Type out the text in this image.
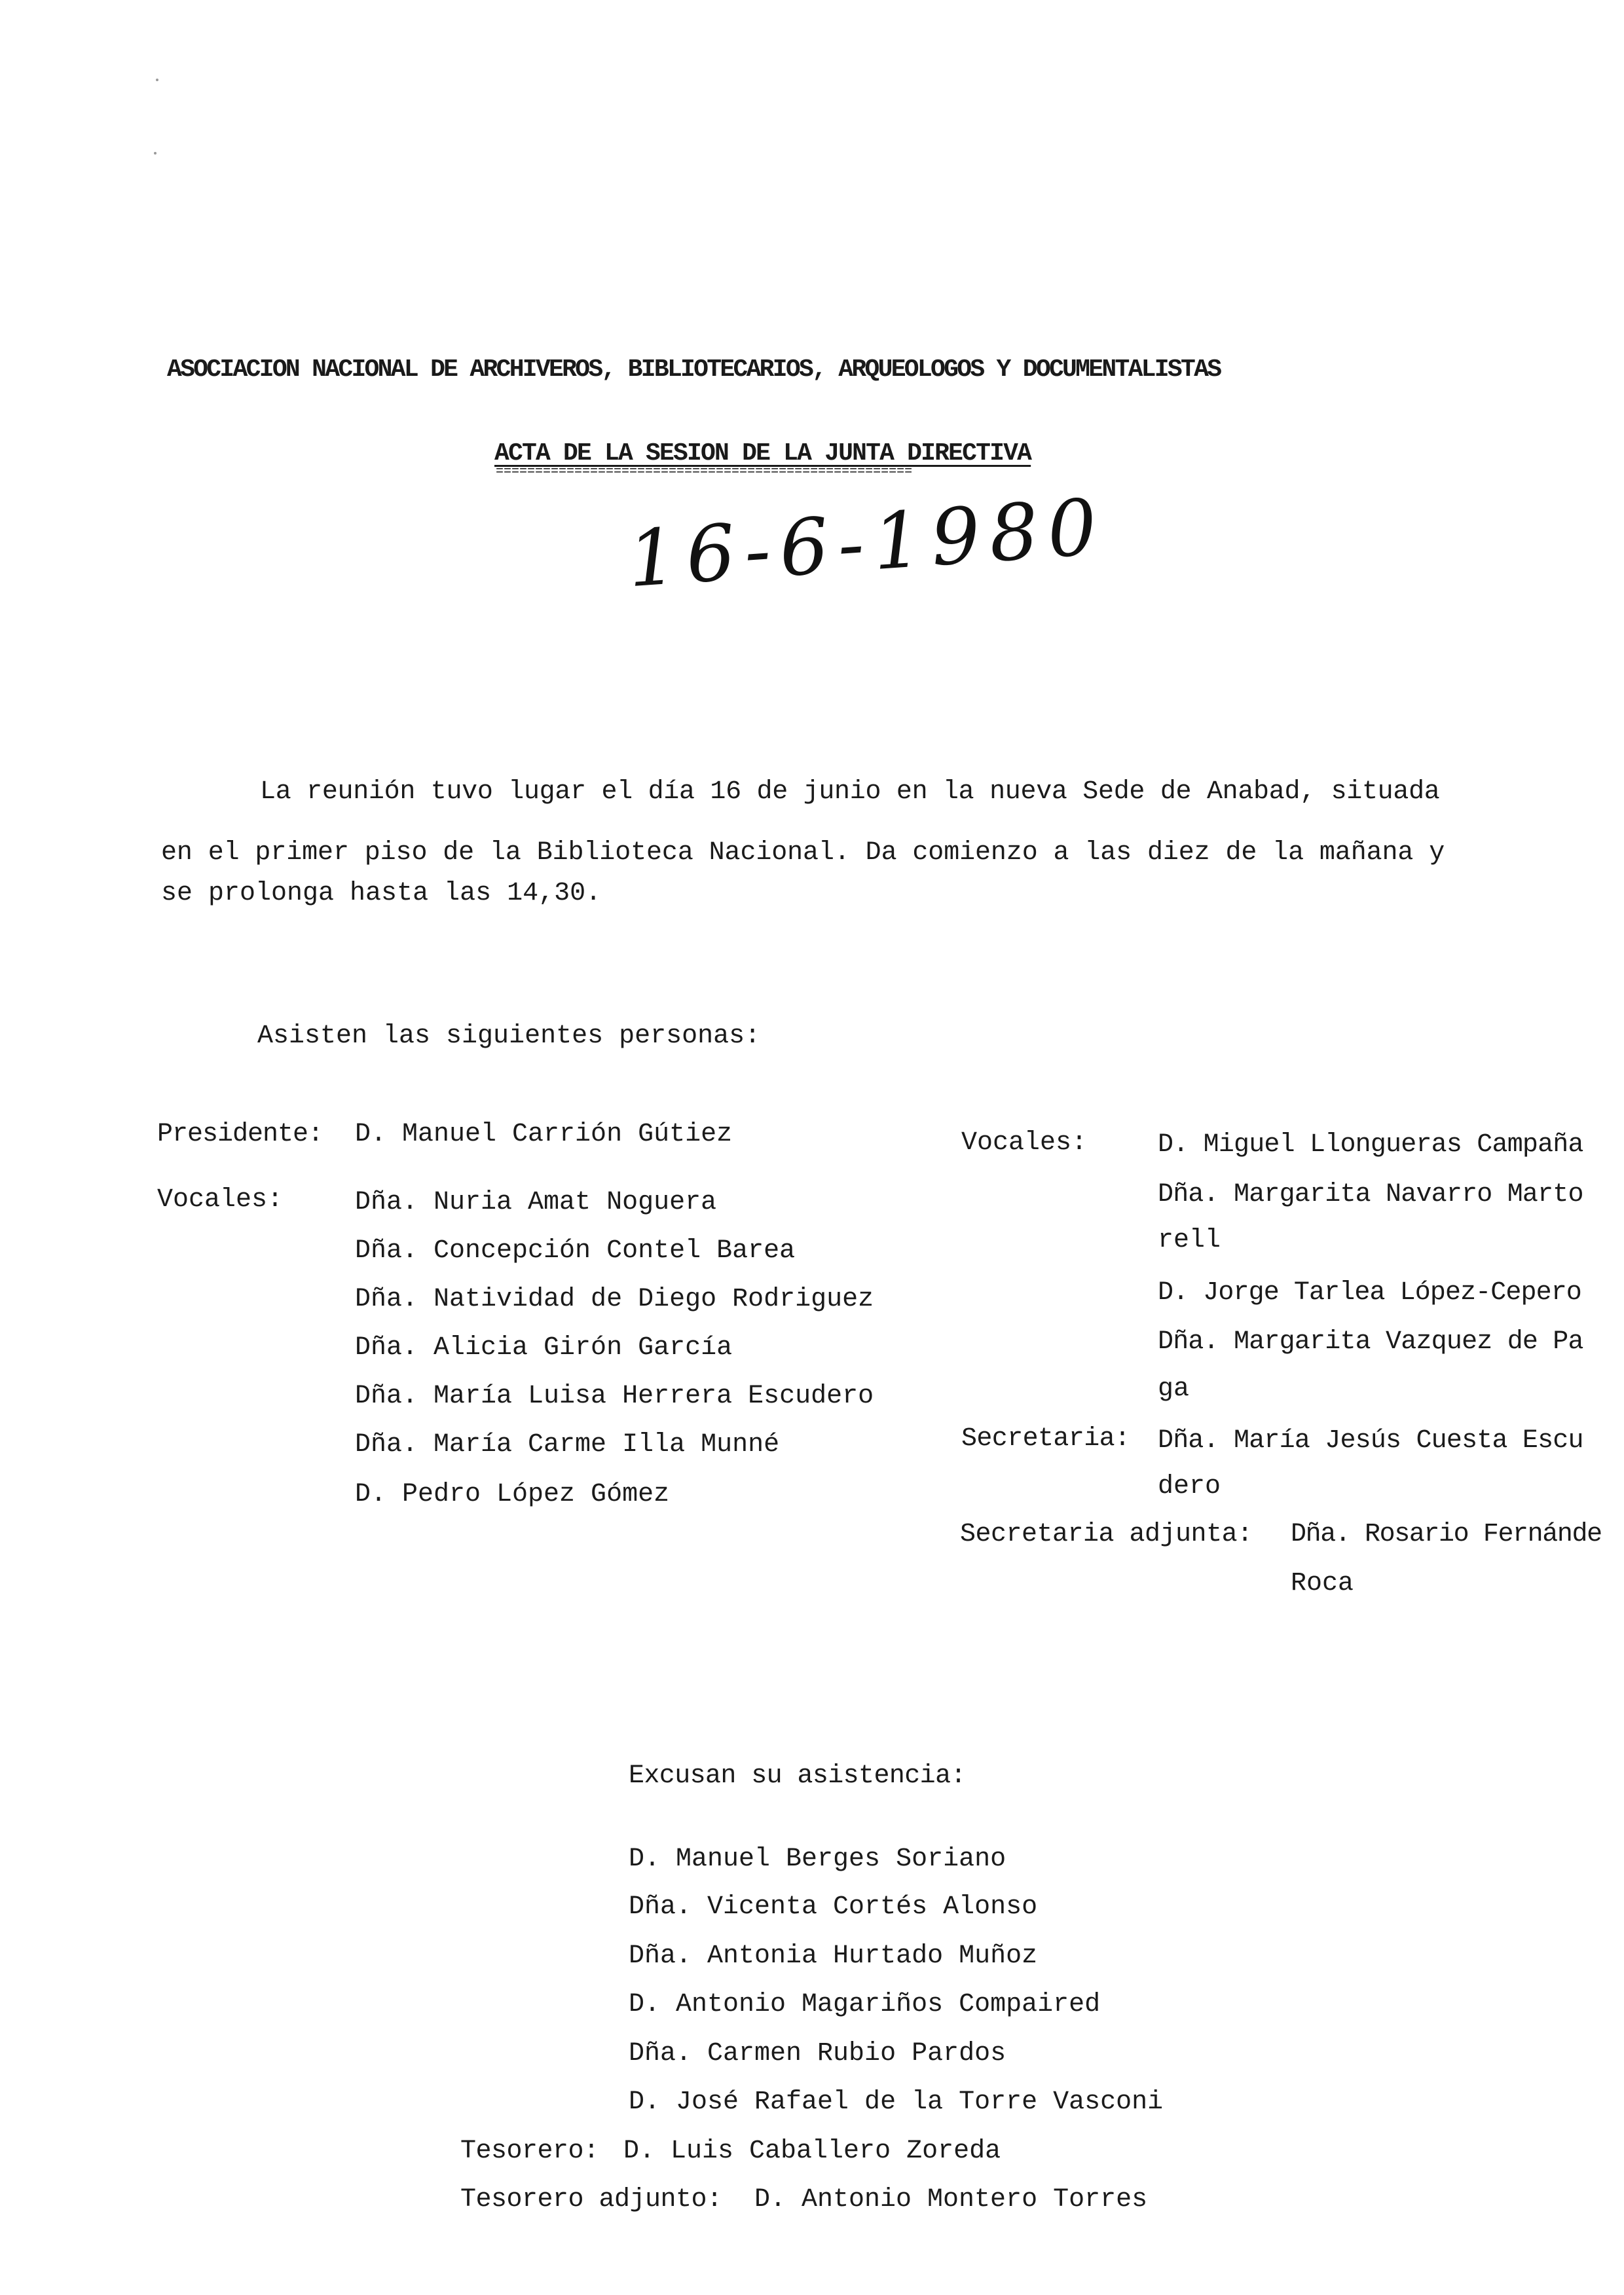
ASOCIACION NACIONAL DE ARCHIVEROS, BIBLIOTECARIOS, ARQUEOLOGOS Y DOCUMENTALISTAS
ACTA DE LA SESION DE LA JUNTA DIRECTIVA
=====================================================
16-6-1980
La reunión tuvo lugar el día 16 de junio en la nueva Sede de Anabad, situada
en el primer piso de la Biblioteca Nacional. Da comienzo a las diez de la mañana y
se prolonga hasta las 14,30.
Asisten las siguientes personas:
Presidente: D. Manuel Carrión Gútiez
Vocales:	Dña. Nuria Amat Noguera
Dña. Concepción Contel Barea
Dña. Natividad de Diego Rodriguez
Dña. Alicia Girón García
Dña. María Luisa Herrera Escudero
Dña. María Carme Illa Munné
D. Pedro López Gómez
Vocales:	D. Miguel Llongueras Campaña
Dña. Margarita Navarro Marto
rell
D. Jorge Tarlea López-Cepero
Dña. Margarita Vazquez de Pa
ga
Secretaria: Dña. María Jesús Cuesta Escu
dero
Secretaria adjunta: Dña. Rosario Fernánde
Roca
Excusan su asistencia:
D. Manuel Berges Soriano
Dña. Vicenta Cortés Alonso
Dña. Antonia Hurtado Muñoz
D. Antonio Magariños Compaired
Dña. Carmen Rubio Pardos
D. José Rafael de la Torre Vasconi
Tesorero: D. Luis Caballero Zoreda
Tesorero adjunto: D. Antonio Montero Torres
